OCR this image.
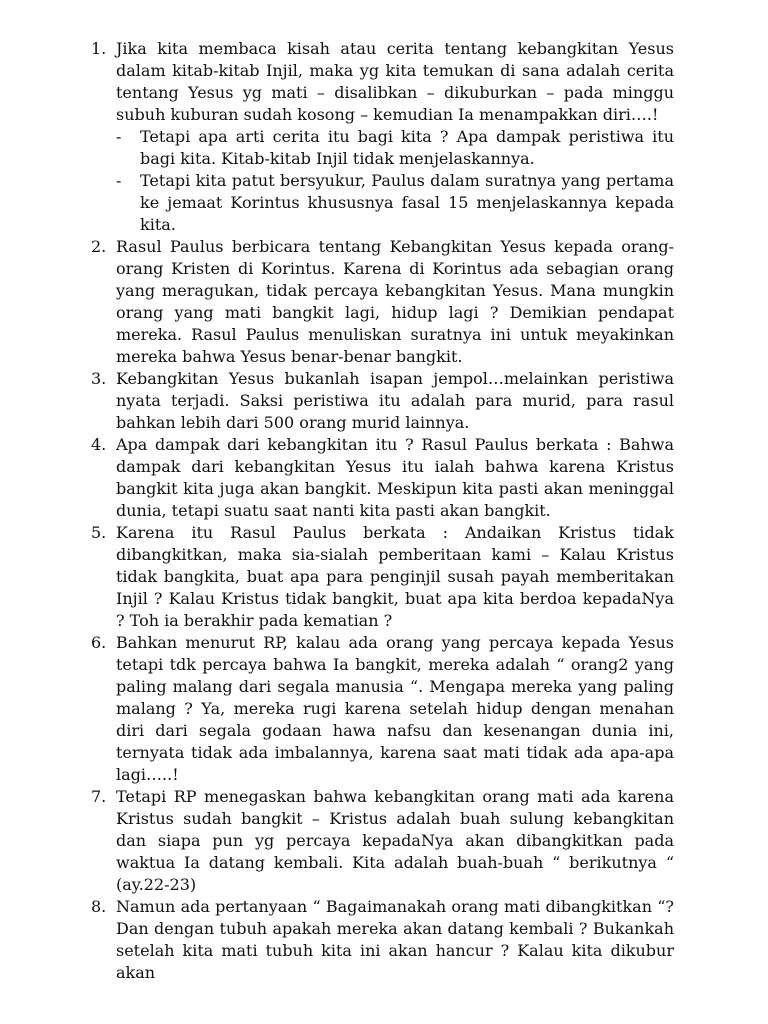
1. Jika kita membaca kisah atau cerita tentang kebangkitan Yesus dalam kitab-kitab Injil, maka yg kita temukan di sana adalah cerita tentang Yesus yg mati – disalibkan – dikuburkan – pada minggu subuh kuburan sudah kosong – kemudian Ia menampakkan diri….!
- Tetapi apa arti cerita itu bagi kita ? Apa dampak peristiwa itu bagi kita. Kitab-kitab Injil tidak menjelaskannya.
- Tetapi kita patut bersyukur, Paulus dalam suratnya yang pertama ke jemaat Korintus khususnya fasal 15 menjelaskannya kepada kita.
2. Rasul Paulus berbicara tentang Kebangkitan Yesus kepada orang-orang Kristen di Korintus. Karena di Korintus ada sebagian orang yang meragukan, tidak percaya kebangkitan Yesus. Mana mungkin orang yang mati bangkit lagi, hidup lagi ? Demikian pendapat mereka. Rasul Paulus menuliskan suratnya ini untuk meyakinkan mereka bahwa Yesus benar-benar bangkit.
3. Kebangkitan Yesus bukanlah isapan jempol…melainkan peristiwa nyata terjadi. Saksi peristiwa itu adalah para murid, para rasul bahkan lebih dari 500 orang murid lainnya.
4. Apa dampak dari kebangkitan itu ? Rasul Paulus berkata : Bahwa dampak dari kebangkitan Yesus itu ialah bahwa karena Kristus bangkit kita juga akan bangkit. Meskipun kita pasti akan meninggal dunia, tetapi suatu saat nanti kita pasti akan bangkit.
5. Karena itu Rasul Paulus berkata : Andaikan Kristus tidak dibangkitkan, maka sia-sialah pemberitaan kami – Kalau Kristus tidak bangkita, buat apa para penginjil susah payah memberitakan Injil ? Kalau Kristus tidak bangkit, buat apa kita berdoa kepadaNya ? Toh ia berakhir pada kematian ?
6. Bahkan menurut RP, kalau ada orang yang percaya kepada Yesus tetapi tdk percaya bahwa Ia bangkit, mereka adalah “ orang2 yang paling malang dari segala manusia “. Mengapa mereka yang paling malang ? Ya, mereka rugi karena setelah hidup dengan menahan diri dari segala godaan hawa nafsu dan kesenangan dunia ini, ternyata tidak ada imbalannya, karena saat mati tidak ada apa-apa lagi…..!
7. Tetapi RP menegaskan bahwa kebangkitan orang mati ada karena Kristus sudah bangkit – Kristus adalah buah sulung kebangkitan dan siapa pun yg percaya kepadaNya akan dibangkitkan pada waktua Ia datang kembali. Kita adalah buah-buah “ berikutnya “ (ay.22-23)
8. Namun ada pertanyaan “ Bagaimanakah orang mati dibangkitkan “? Dan dengan tubuh apakah mereka akan datang kembali ? Bukankah setelah kita mati tubuh kita ini akan hancur ? Kalau kita dikubur akan
